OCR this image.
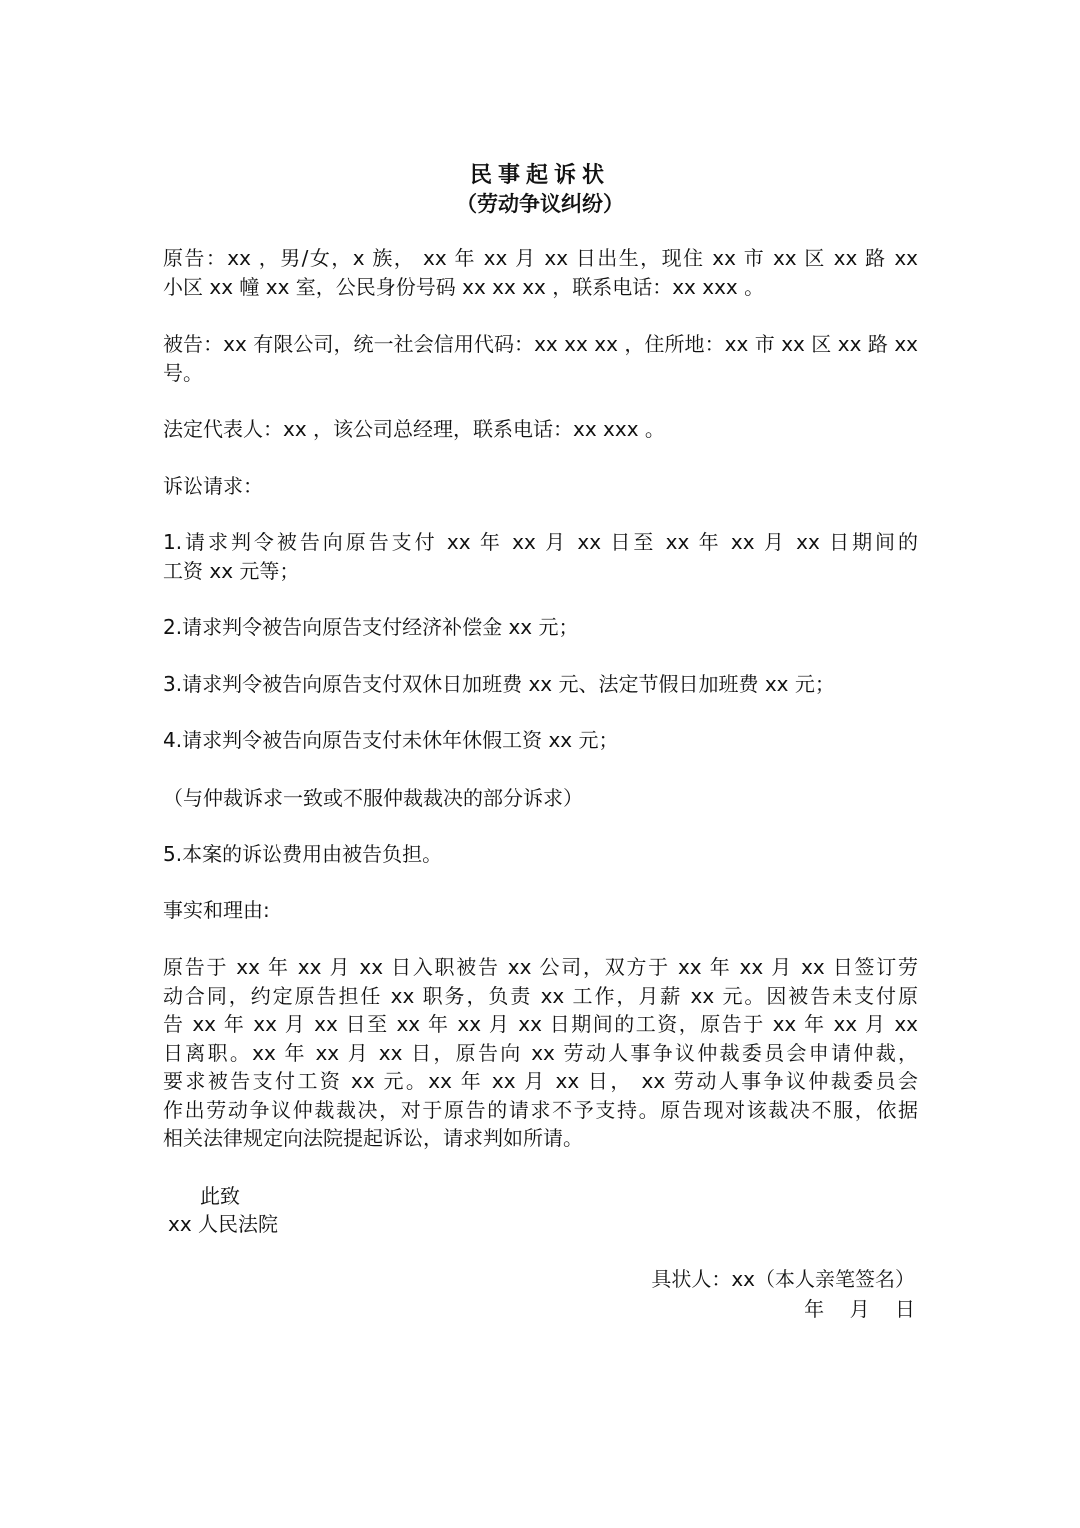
民事起诉状
（劳动争议纠纷）
原告：xx ，男/女，x 族， xx 年 xx 月 xx 日出生，现住 xx 市 xx 区 xx 路 xx
小区 xx 幢 xx 室，公民身份号码 xx xx xx ，联系电话：xx xxx 。
被告：xx 有限公司，统一社会信用代码：xx xx xx ，住所地：xx 市 xx 区 xx 路 xx
号。
法定代表人：xx ，该公司总经理，联系电话：xx xxx 。
诉讼请求：
1.请求判令被告向原告支付 xx 年 xx 月 xx 日至 xx 年 xx 月 xx 日期间的
工资 xx 元等；
2.请求判令被告向原告支付经济补偿金 xx 元；
3.请求判令被告向原告支付双休日加班费 xx 元、法定节假日加班费 xx 元；
4.请求判令被告向原告支付未休年休假工资 xx 元；
（与仲裁诉求一致或不服仲裁裁决的部分诉求）
5.本案的诉讼费用由被告负担。
事实和理由:
原告于 xx 年 xx 月 xx 日入职被告 xx 公司，双方于 xx 年 xx 月 xx 日签订劳
动合同，约定原告担任 xx 职务，负责 xx 工作，月薪 xx 元。因被告未支付原
告 xx 年 xx 月 xx 日至 xx 年 xx 月 xx 日期间的工资，原告于 xx 年 xx 月 xx
日离职。xx 年 xx 月 xx 日，原告向 xx 劳动人事争议仲裁委员会申请仲裁，
要求被告支付工资 xx 元。xx 年 xx 月 xx 日， xx 劳动人事争议仲裁委员会
作出劳动争议仲裁裁决，对于原告的请求不予支持。原告现对该裁决不服，依据
相关法律规定向法院提起诉讼，请求判如所请。
此致
xx 人民法院
具状人：xx（本人亲笔签名）
年    月    日
